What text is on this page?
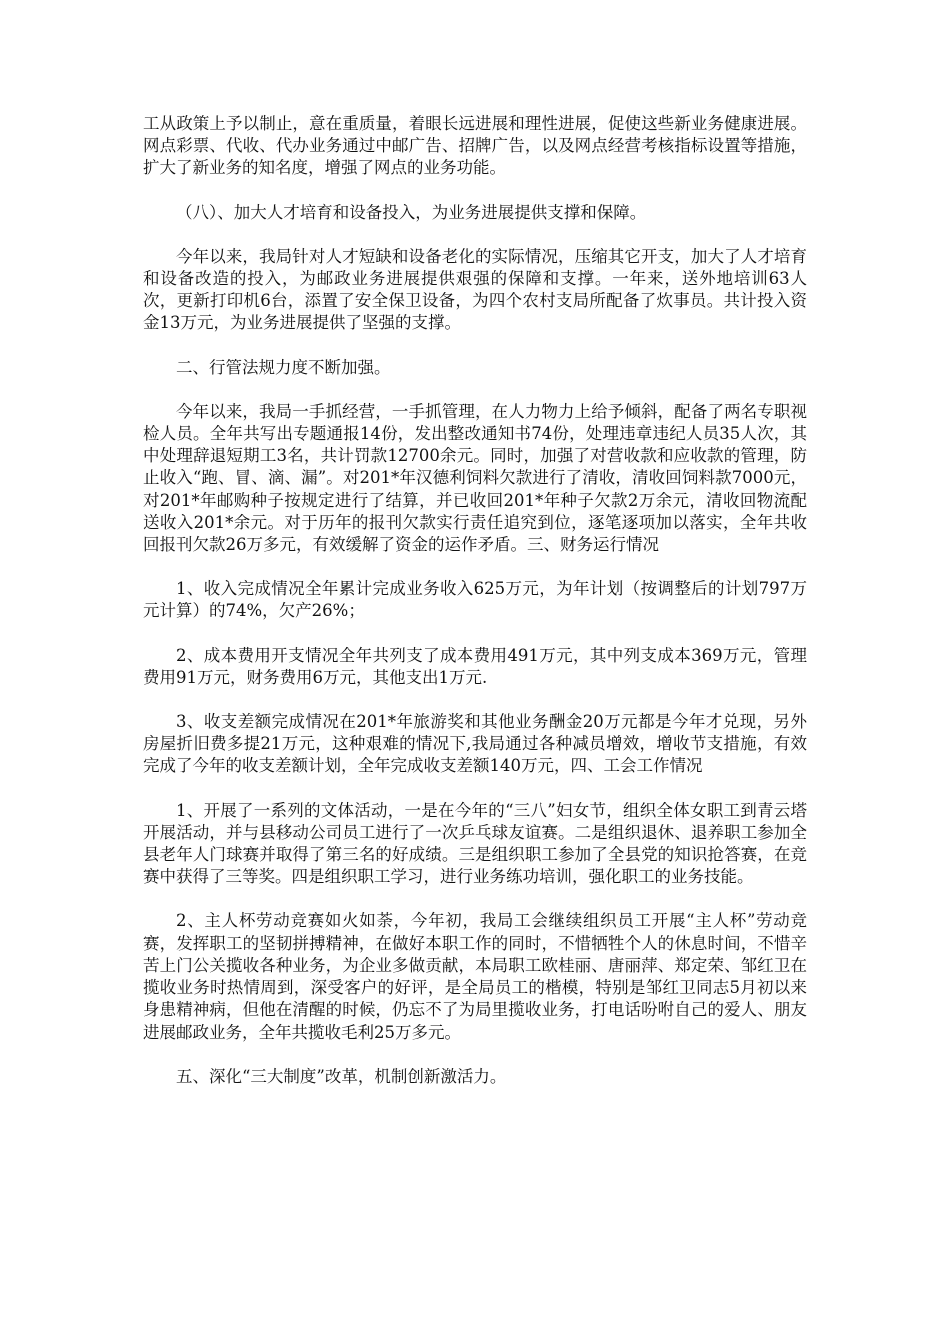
工从政策上予以制止，意在重质量，着眼长远进展和理性进展，促使这些新业务健康进展。网点彩票、代收、代办业务通过中邮广告、招牌广告，以及网点经营考核指标设置等措施，扩大了新业务的知名度，增强了网点的业务功能。

（八）、加大人才培育和设备投入，为业务进展提供支撑和保障。

今年以来，我局针对人才短缺和设备老化的实际情况，压缩其它开支，加大了人才培育和设备改造的投入，为邮政业务进展提供艰强的保障和支撑。一年来，送外地培训63人次，更新打印机6台，添置了安全保卫设备，为四个农村支局所配备了炊事员。共计投入资金13万元，为业务进展提供了坚强的支撑。

二、行管法规力度不断加强。

今年以来，我局一手抓经营，一手抓管理，在人力物力上给予倾斜，配备了两名专职视检人员。全年共写出专题通报14份，发出整改通知书74份，处理违章违纪人员35人次，其中处理辞退短期工3名，共计罚款12700余元。同时，加强了对营收款和应收款的管理，防止收入“跑、冒、滴、漏”。对201*年汉德利饲料欠款进行了清收，清收回饲料款7000元，对201*年邮购种子按规定进行了结算，并已收回201*年种子欠款2万余元，清收回物流配送收入201*余元。对于历年的报刊欠款实行责任追究到位，逐笔逐项加以落实，全年共收回报刊欠款26万多元，有效缓解了资金的运作矛盾。三、财务运行情况

1、收入完成情况全年累计完成业务收入625万元，为年计划（按调整后的计划797万元计算）的74%，欠产26%；

2、成本费用开支情况全年共列支了成本费用491万元，其中列支成本369万元，管理费用91万元，财务费用6万元，其他支出1万元.

3、收支差额完成情况在201*年旅游奖和其他业务酬金20万元都是今年才兑现，另外房屋折旧费多提21万元，这种艰难的情况下,我局通过各种减员增效，增收节支措施，有效完成了今年的收支差额计划，全年完成收支差额140万元，四、工会工作情况

1、开展了一系列的文体活动，一是在今年的“三八”妇女节，组织全体女职工到青云塔开展活动，并与县移动公司员工进行了一次乒乓球友谊赛。二是组织退休、退养职工参加全县老年人门球赛并取得了第三名的好成绩。三是组织职工参加了全县党的知识抢答赛，在竞赛中获得了三等奖。四是组织职工学习，进行业务练功培训，强化职工的业务技能。

2、主人杯劳动竞赛如火如荼，今年初，我局工会继续组织员工开展“主人杯”劳动竞赛，发挥职工的坚韧拼搏精神，在做好本职工作的同时，不惜牺牲个人的休息时间，不惜辛苦上门公关揽收各种业务，为企业多做贡献，本局职工欧桂丽、唐丽萍、郑定荣、邹红卫在揽收业务时热情周到，深受客户的好评，是全局员工的楷模，特别是邹红卫同志5月初以来身患精神病，但他在清醒的时候，仍忘不了为局里揽收业务，打电话吩咐自己的爱人、朋友进展邮政业务，全年共揽收毛利25万多元。

五、深化“三大制度”改革，机制创新激活力。
